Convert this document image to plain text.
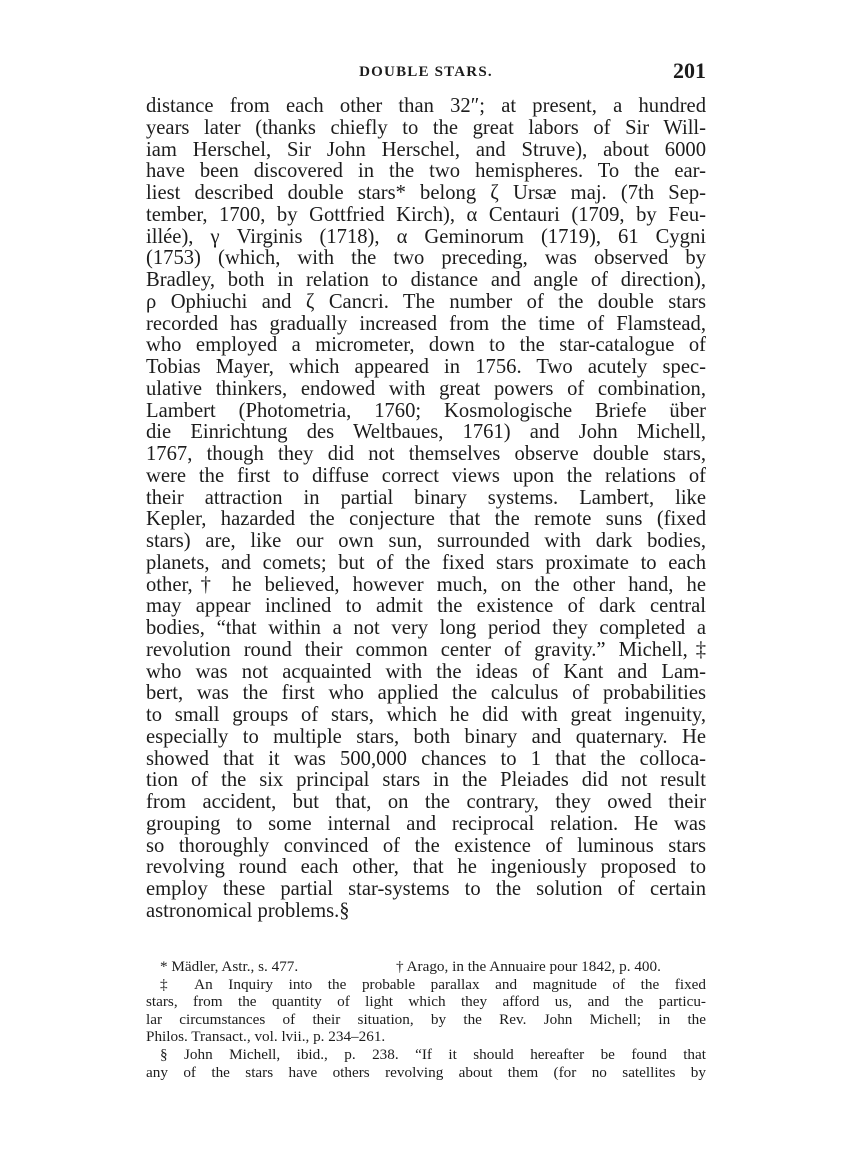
DOUBLE STARS.	201
distance from each other than 32″; at present, a hundred
years later (thanks chiefly to the great labors of Sir Will-
iam Herschel, Sir John Herschel, and Struve), about 6000
have been discovered in the two hemispheres. To the ear-
liest described double stars* belong ζ Ursæ maj. (7th Sep-
tember, 1700, by Gottfried Kirch), α Centauri (1709, by Feu-
illée), γ Virginis (1718), α Geminorum (1719), 61 Cygni
(1753) (which, with the two preceding, was observed by
Bradley, both in relation to distance and angle of direction),
ρ Ophiuchi and ζ Cancri. The number of the double stars
recorded has gradually increased from the time of Flamstead,
who employed a micrometer, down to the star-catalogue of
Tobias Mayer, which appeared in 1756. Two acutely spec-
ulative thinkers, endowed with great powers of combination,
Lambert (Photometria, 1760; Kosmologische Briefe über
die Einrichtung des Weltbaues, 1761) and John Michell,
1767, though they did not themselves observe double stars,
were the first to diffuse correct views upon the relations of
their attraction in partial binary systems. Lambert, like
Kepler, hazarded the conjecture that the remote suns (fixed
stars) are, like our own sun, surrounded with dark bodies,
planets, and comets; but of the fixed stars proximate to each
other,† he believed, however much, on the other hand, he
may appear inclined to admit the existence of dark central
bodies, “that within a not very long period they completed a
revolution round their common center of gravity.” Michell,‡
who was not acquainted with the ideas of Kant and Lam-
bert, was the first who applied the calculus of probabilities
to small groups of stars, which he did with great ingenuity,
especially to multiple stars, both binary and quaternary. He
showed that it was 500,000 chances to 1 that the colloca-
tion of the six principal stars in the Pleiades did not result
from accident, but that, on the contrary, they owed their
grouping to some internal and reciprocal relation. He was
so thoroughly convinced of the existence of luminous stars
revolving round each other, that he ingeniously proposed to
employ these partial star-systems to the solution of certain
astronomical problems.§
* Mädler, Astr., s. 477.	† Arago, in the Annuaire pour 1842, p. 400.
‡ An Inquiry into the probable parallax and magnitude of the fixed
stars, from the quantity of light which they afford us, and the particu-
lar circumstances of their situation, by the Rev. John Michell; in the
Philos. Transact., vol. lvii., p. 234–261.
§ John Michell, ibid., p. 238. “If it should hereafter be found that
any of the stars have others revolving about them (for no satellites by
